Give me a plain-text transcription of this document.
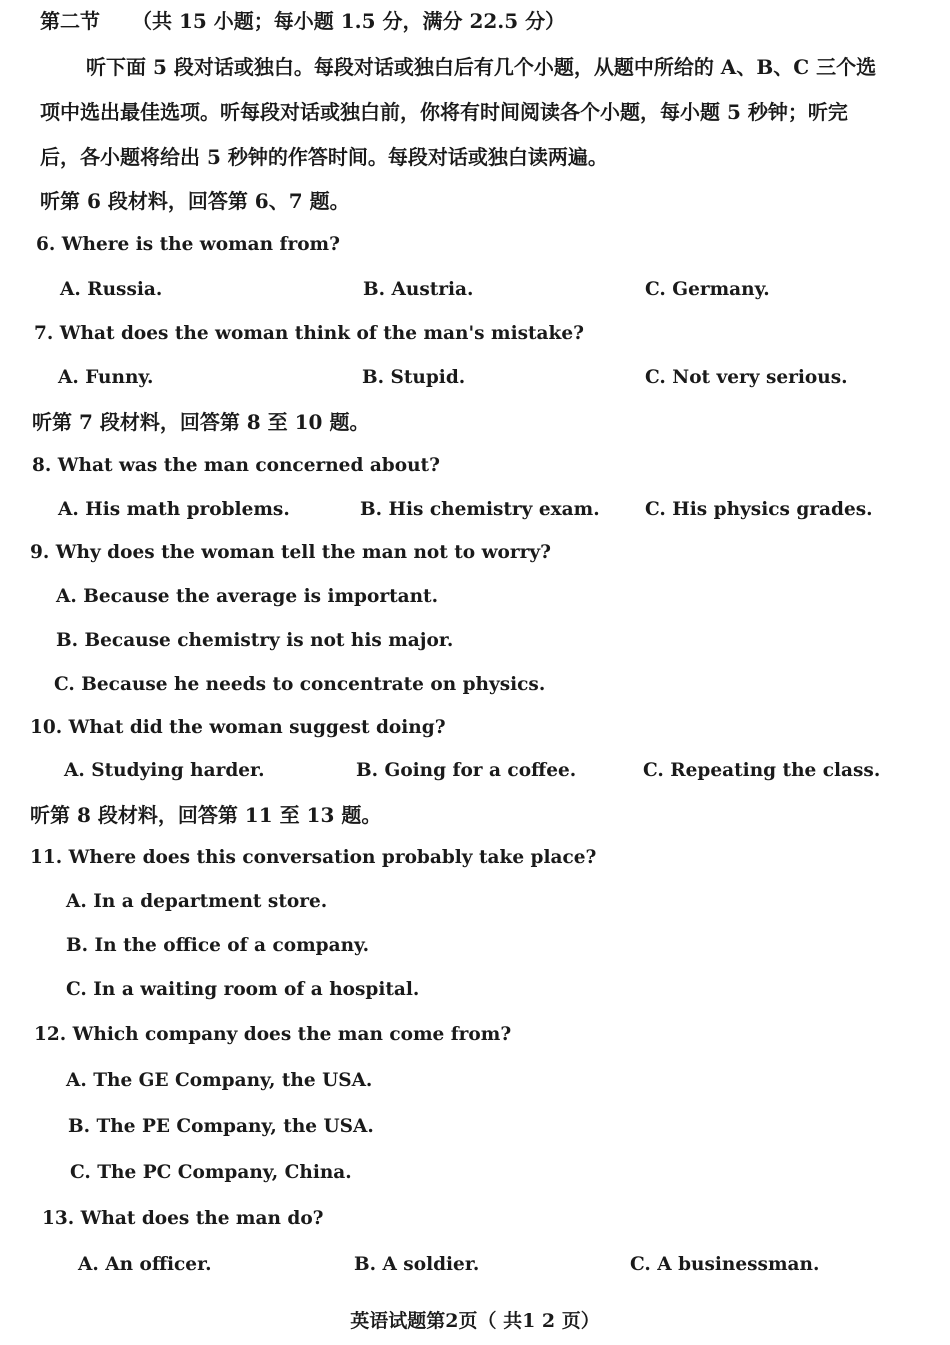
第二节 （共 15 小题；每小题 1.5 分，满分 22.5 分）
听下面 5 段对话或独白。每段对话或独白后有几个小题，从题中所给的 A、B、C 三个选
项中选出最佳选项。听每段对话或独白前，你将有时间阅读各个小题，每小题 5 秒钟；听完
后，各小题将给出 5 秒钟的作答时间。每段对话或独白读两遍。
听第 6 段材料，回答第 6、7 题。
6. Where is the woman from?
A. Russia.	B. Austria.	C. Germany.
7. What does the woman think of the man's mistake?
A. Funny.	B. Stupid.	C. Not very serious.
听第 7 段材料，回答第 8 至 10 题。
8. What was the man concerned about?
A. His math problems.	B. His chemistry exam. C. His physics grades.
9. Why does the woman tell the man not to worry?
A. Because the average is important.
B. Because chemistry is not his major.
C. Because he needs to concentrate on physics.
10. What did the woman suggest doing?
A. Studying harder.	B. Going for a coffee.	C. Repeating the class.
听第 8 段材料，回答第 11 至 13 题。
11. Where does this conversation probably take place?
A. In a department store.
B. In the office of a company.
C. In a waiting room of a hospital.
12. Which company does the man come from?
A. The GE Company, the USA.
B. The PE Company, the USA.
C. The PC Company, China.
13. What does the man do?
A. An officer.	B. A soldier.	C. A businessman.
英语试题第2页（ 共1 2 页）
